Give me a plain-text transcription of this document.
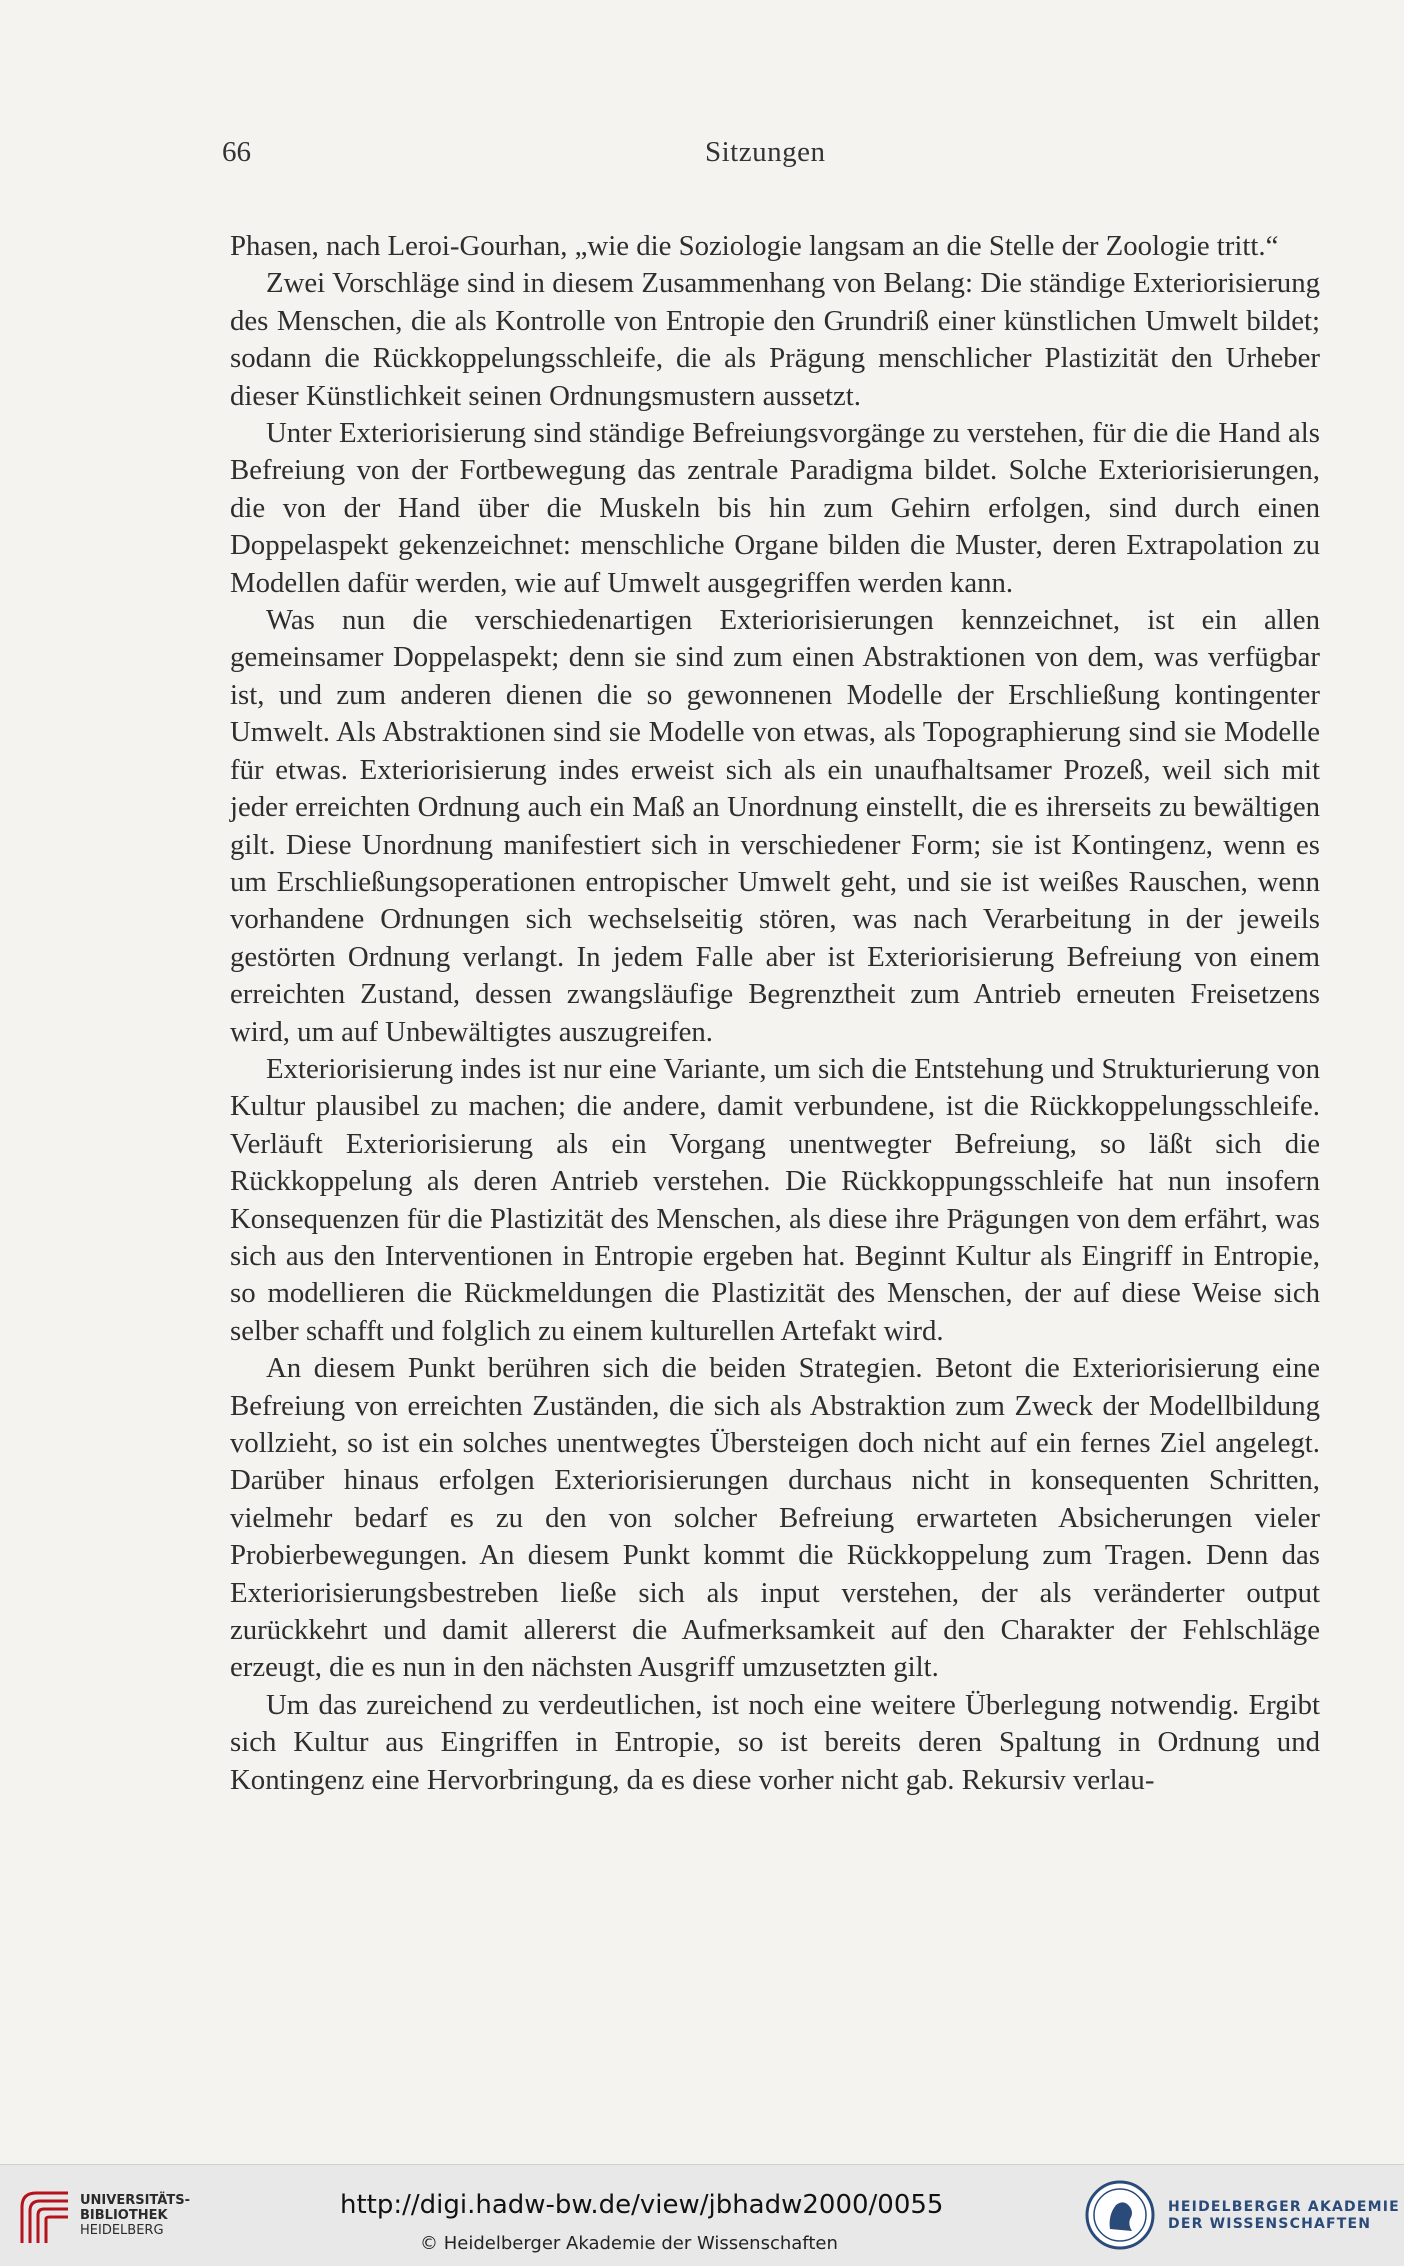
66	Sitzungen

Phasen, nach Leroi-Gourhan, „wie die Soziologie langsam an die Stelle der Zoologie tritt.“

Zwei Vorschläge sind in diesem Zusammenhang von Belang: Die ständige Exteriorisierung des Menschen, die als Kontrolle von Entropie den Grundriß einer künstlichen Umwelt bildet; sodann die Rückkoppelungsschleife, die als Prägung menschlicher Plastizität den Urheber dieser Künstlichkeit seinen Ordnungsmustern aussetzt.

Unter Exteriorisierung sind ständige Befreiungsvorgänge zu verstehen, für die die Hand als Befreiung von der Fortbewegung das zentrale Paradigma bildet. Solche Exteriorisierungen, die von der Hand über die Muskeln bis hin zum Gehirn erfolgen, sind durch einen Doppelaspekt gekenzeichnet: menschliche Organe bilden die Muster, deren Extrapolation zu Modellen dafür werden, wie auf Umwelt ausgegriffen werden kann.

Was nun die verschiedenartigen Exteriorisierungen kennzeichnet, ist ein allen gemeinsamer Doppelaspekt; denn sie sind zum einen Abstraktionen von dem, was verfügbar ist, und zum anderen dienen die so gewonnenen Modelle der Erschließung kontingenter Umwelt. Als Abstraktionen sind sie Modelle von etwas, als Topographierung sind sie Modelle für etwas. Exteriorisierung indes erweist sich als ein unaufhaltsamer Prozeß, weil sich mit jeder erreichten Ordnung auch ein Maß an Unordnung einstellt, die es ihrerseits zu bewältigen gilt. Diese Unordnung manifestiert sich in verschiedener Form; sie ist Kontingenz, wenn es um Erschließungsoperationen entropischer Umwelt geht, und sie ist weißes Rauschen, wenn vorhandene Ordnungen sich wechselseitig stören, was nach Verarbeitung in der jeweils gestörten Ordnung verlangt. In jedem Falle aber ist Exteriorisierung Befreiung von einem erreichten Zustand, dessen zwangsläufige Begrenztheit zum Antrieb erneuten Freisetzens wird, um auf Unbewältigtes auszugreifen.

Exteriorisierung indes ist nur eine Variante, um sich die Entstehung und Strukturierung von Kultur plausibel zu machen; die andere, damit verbundene, ist die Rückkoppelungsschleife. Verläuft Exteriorisierung als ein Vorgang unentwegter Befreiung, so läßt sich die Rückkoppelung als deren Antrieb verstehen. Die Rückkoppungsschleife hat nun insofern Konsequenzen für die Plastizität des Menschen, als diese ihre Prägungen von dem erfährt, was sich aus den Interventionen in Entropie ergeben hat. Beginnt Kultur als Eingriff in Entropie, so modellieren die Rückmeldungen die Plastizität des Menschen, der auf diese Weise sich selber schafft und folglich zu einem kulturellen Artefakt wird.

An diesem Punkt berühren sich die beiden Strategien. Betont die Exteriorisierung eine Befreiung von erreichten Zuständen, die sich als Abstraktion zum Zweck der Modellbildung vollzieht, so ist ein solches unentwegtes Übersteigen doch nicht auf ein fernes Ziel angelegt. Darüber hinaus erfolgen Exteriorisierungen durchaus nicht in konsequenten Schritten, vielmehr bedarf es zu den von solcher Befreiung erwarteten Absicherungen vieler Probierbewegungen. An diesem Punkt kommt die Rückkoppelung zum Tragen. Denn das Exteriorisierungsbestreben ließe sich als input verstehen, der als veränderter output zurückkehrt und damit allererst die Aufmerksamkeit auf den Charakter der Fehlschläge erzeugt, die es nun in den nächsten Ausgriff umzusetzten gilt.

Um das zureichend zu verdeutlichen, ist noch eine weitere Überlegung notwendig. Ergibt sich Kultur aus Eingriffen in Entropie, so ist bereits deren Spaltung in Ordnung und Kontingenz eine Hervorbringung, da es diese vorher nicht gab. Rekursiv verlau-

UNIVERSITÄTS-
BIBLIOTHEK
HEIDELBERG
http://digi.hadw-bw.de/view/jbhadw2000/0055
© Heidelberger Akademie der Wissenschaften
HEIDELBERGER AKADEMIE
DER WISSENSCHAFTEN
